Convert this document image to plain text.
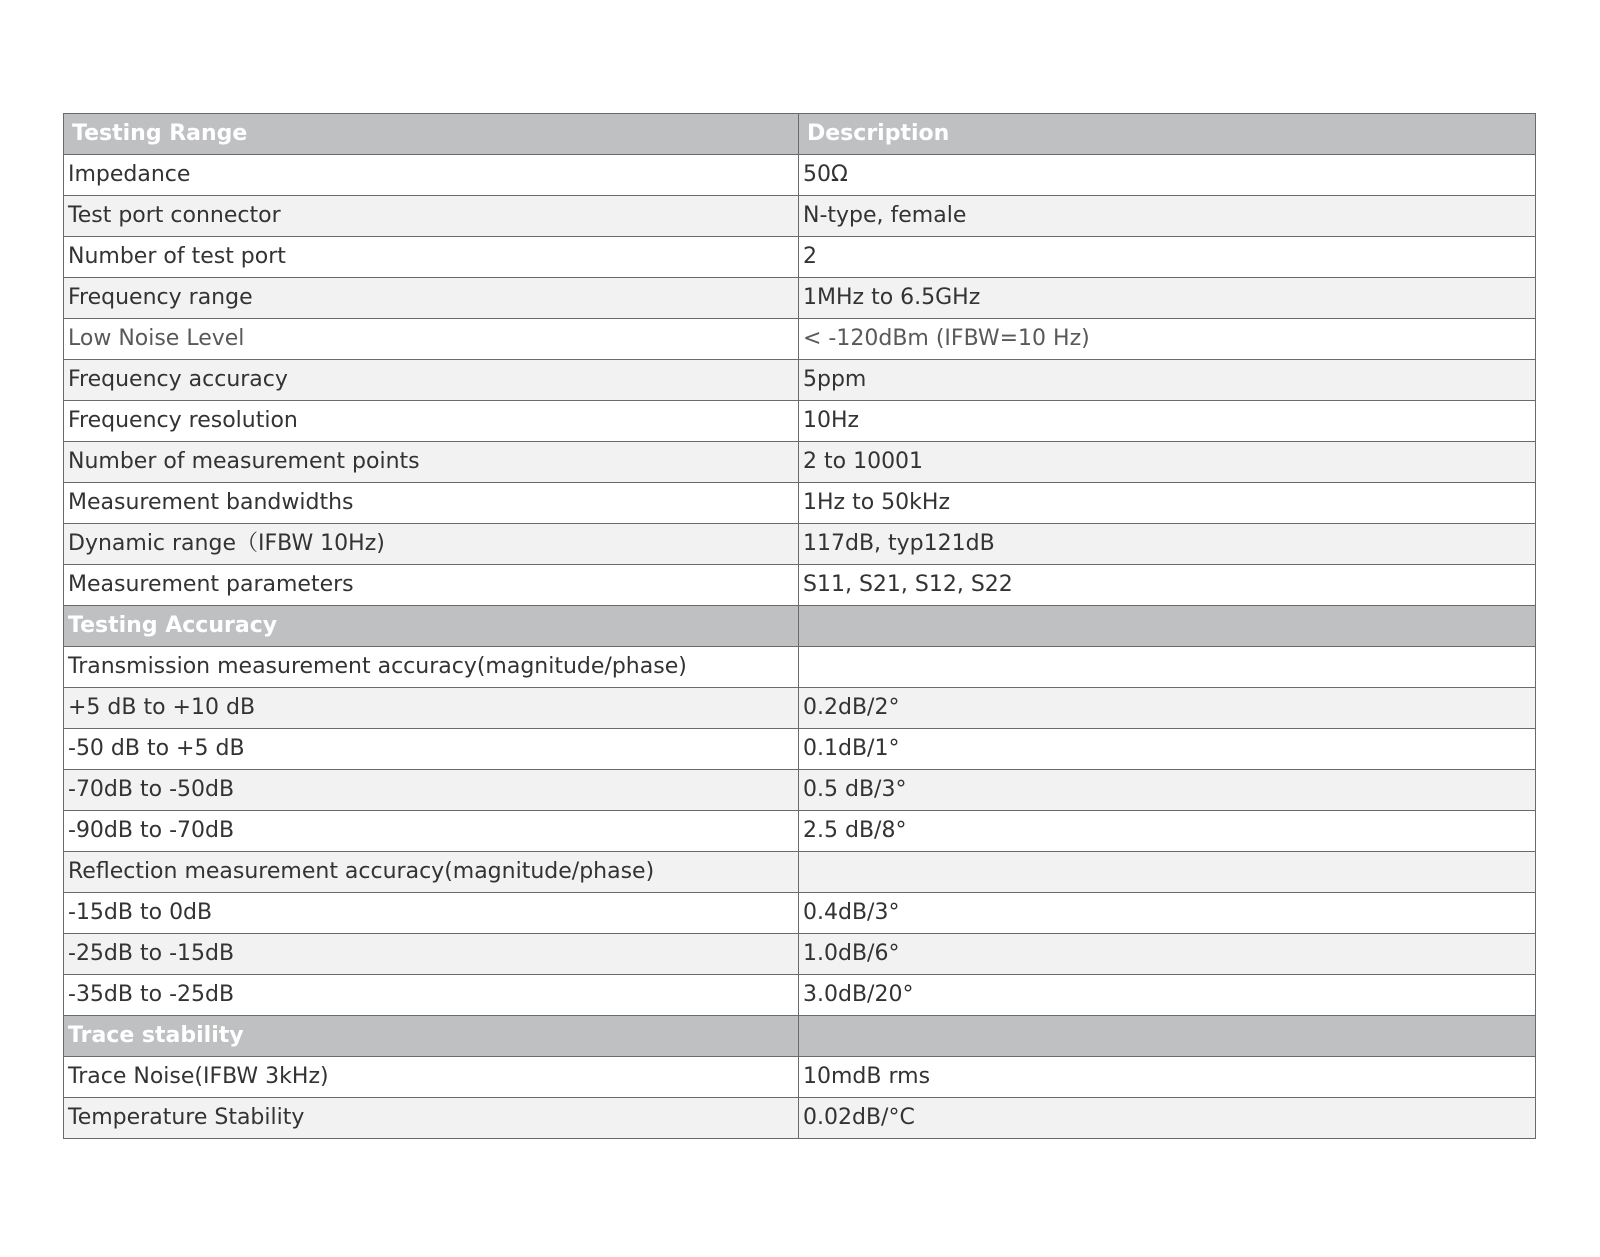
Testing Range	Description
Impedance	50Ω
Test port connector	N-type, female
Number of test port	2
Frequency range	1MHz to 6.5GHz
Low Noise Level	< -120dBm (IFBW=10 Hz)
Frequency accuracy	5ppm
Frequency resolution	10Hz
Number of measurement points	2 to 10001
Measurement bandwidths	1Hz to 50kHz
Dynamic range（IFBW 10Hz)	117dB, typ121dB
Measurement parameters	S11, S21, S12, S22
Testing Accuracy	
Transmission measurement accuracy(magnitude/phase)	
+5 dB to +10 dB	0.2dB/2°
-50 dB to +5 dB	0.1dB/1°
-70dB to -50dB	0.5 dB/3°
-90dB to -70dB	2.5 dB/8°
Reflection measurement accuracy(magnitude/phase)	
-15dB to 0dB	0.4dB/3°
-25dB to -15dB	1.0dB/6°
-35dB to -25dB	3.0dB/20°
Trace stability	
Trace Noise(IFBW 3kHz)	10mdB rms
Temperature Stability	0.02dB/°C
